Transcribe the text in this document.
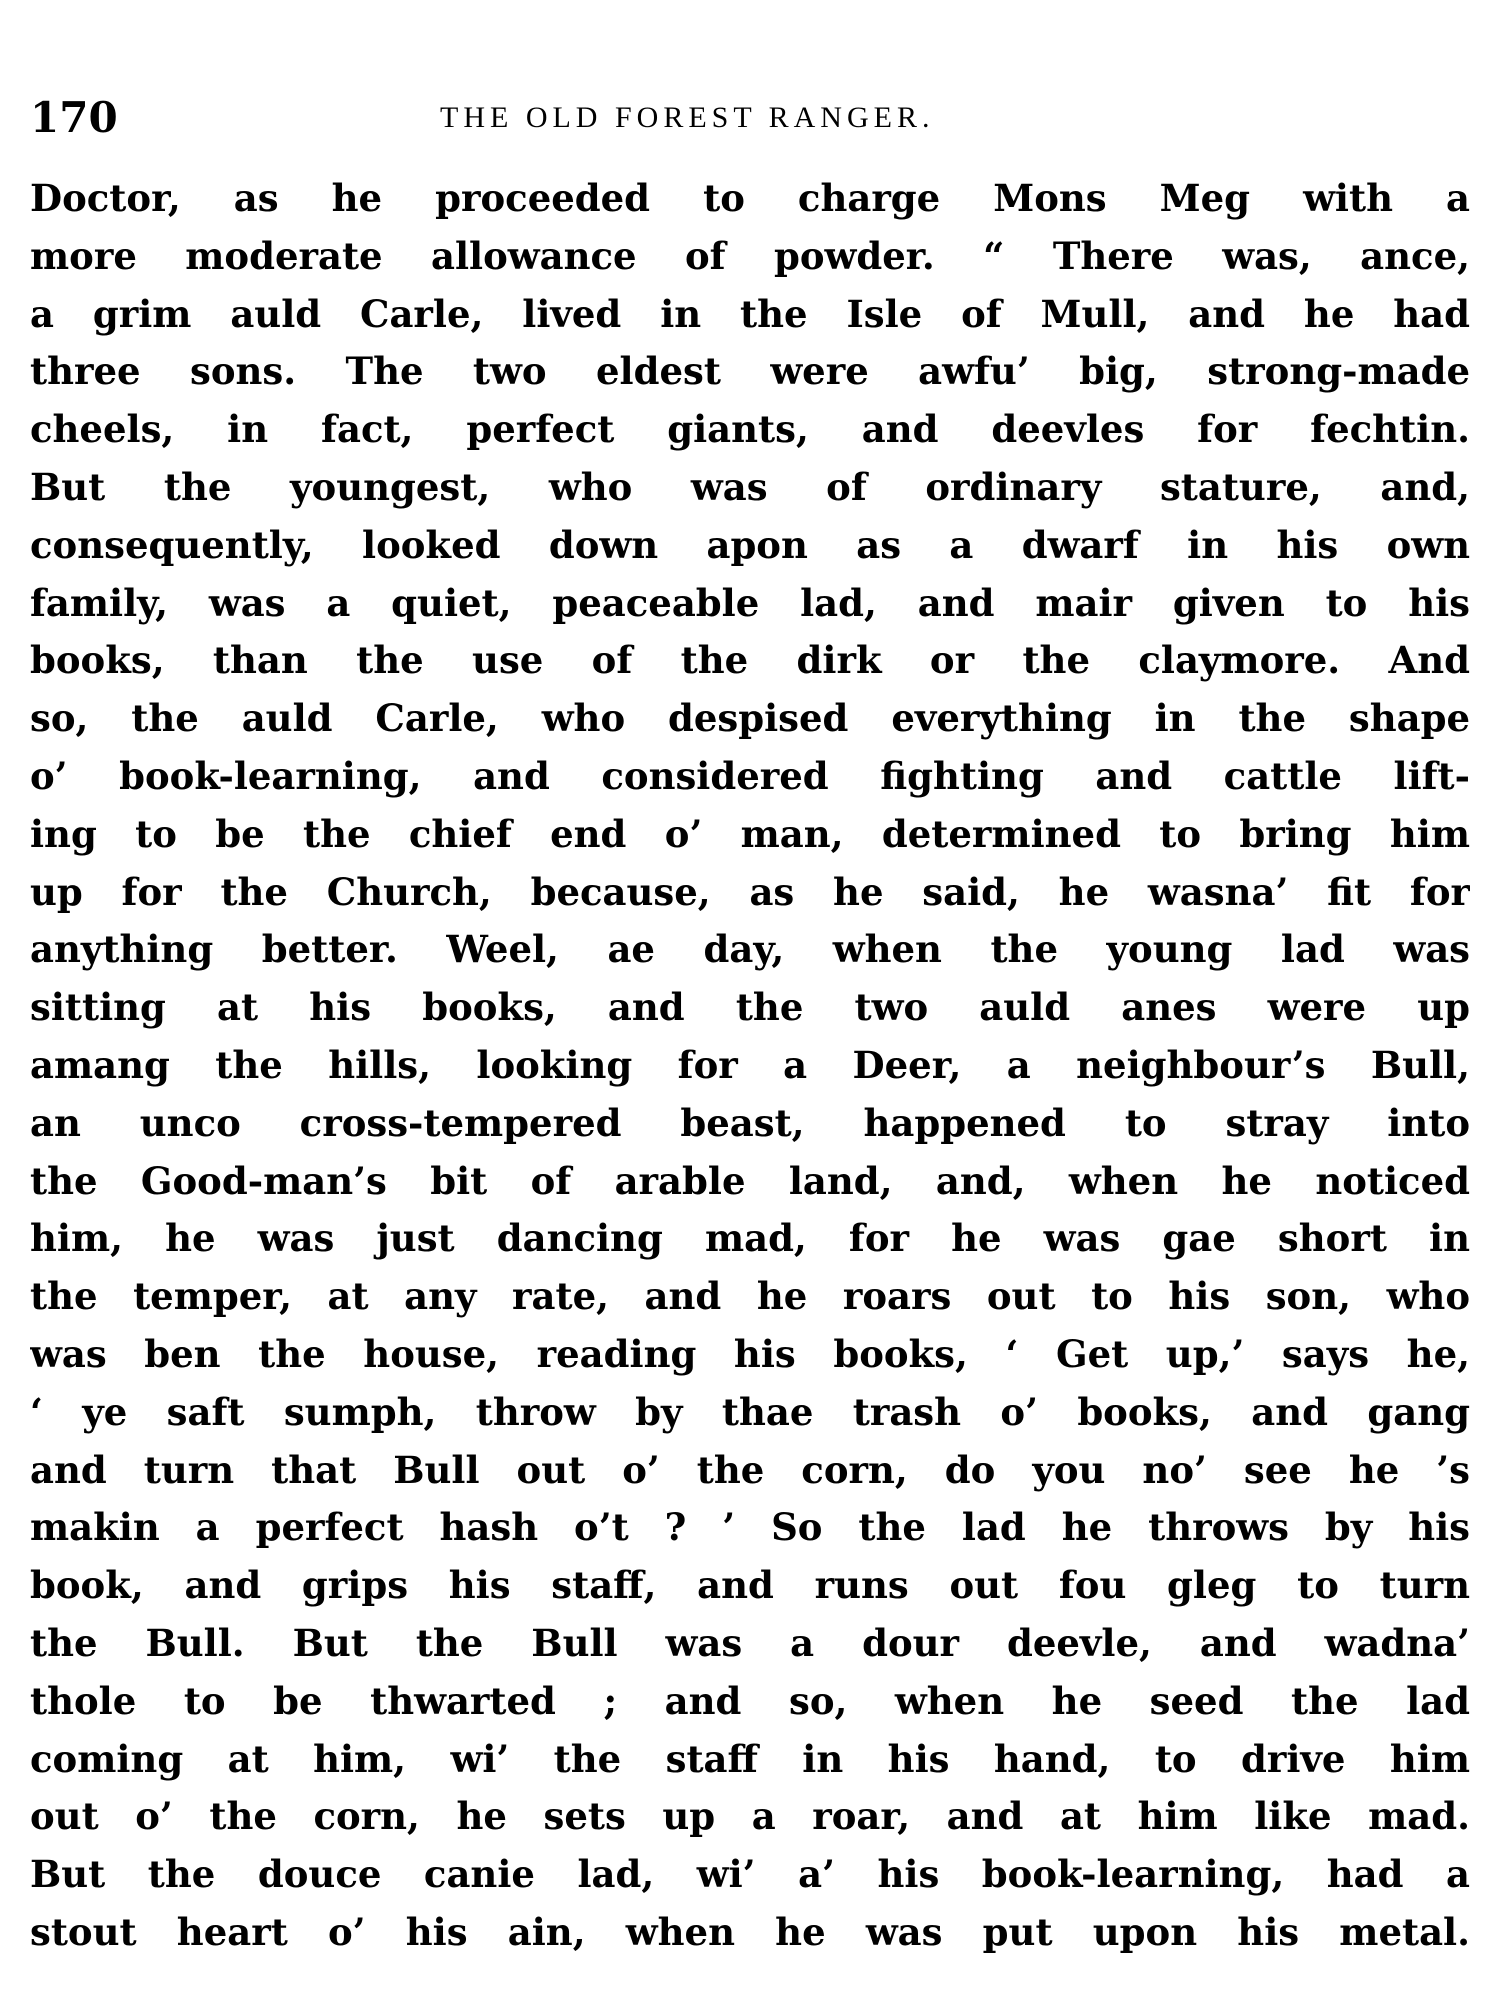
170	THE OLD FOREST RANGER.
Doctor, as he proceeded to charge Mons Meg with a
more moderate allowance of powder. “ There was, ance,
a grim auld Carle, lived in the Isle of Mull, and he had
three sons. The two eldest were awfu’ big, strong-made
cheels, in fact, perfect giants, and deevles for fechtin.
But the youngest, who was of ordinary stature, and,
consequently, looked down apon as a dwarf in his own
family, was a quiet, peaceable lad, and mair given to his
books, than the use of the dirk or the claymore. And
so, the auld Carle, who despised everything in the shape
o’ book-learning, and considered fighting and cattle lift-
ing to be the chief end o’ man, determined to bring him
up for the Church, because, as he said, he wasna’ fit for
anything better. Weel, ae day, when the young lad was
sitting at his books, and the two auld anes were up
amang the hills, looking for a Deer, a neighbour’s Bull,
an unco cross-tempered beast, happened to stray into
the Good-man’s bit of arable land, and, when he noticed
him, he was just dancing mad, for he was gae short in
the temper, at any rate, and he roars out to his son, who
was ben the house, reading his books, ‘ Get up,’ says he,
‘ ye saft sumph, throw by thae trash o’ books, and gang
and turn that Bull out o’ the corn, do you no’ see he ’s
makin a perfect hash o’t ? ’ So the lad he throws by his
book, and grips his staff, and runs out fou gleg to turn
the Bull. But the Bull was a dour deevle, and wadna’
thole to be thwarted ; and so, when he seed the lad
coming at him, wi’ the staff in his hand, to drive him
out o’ the corn, he sets up a roar, and at him like mad.
But the douce canie lad, wi’ a’ his book-learning, had a
stout heart o’ his ain, when he was put upon his metal.
